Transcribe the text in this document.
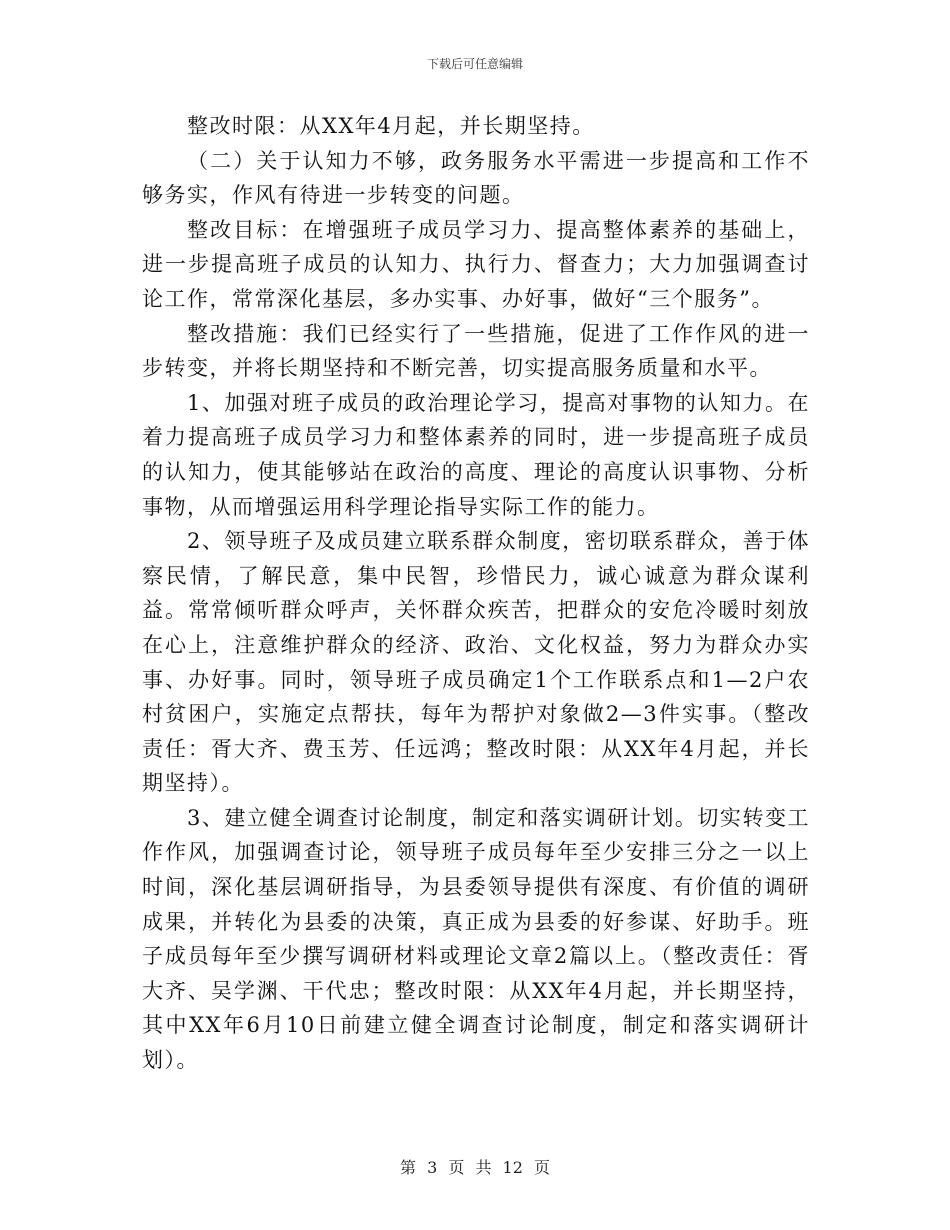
下载后可任意编辑

整改时限：从XX年4月起，并长期坚持。

（二）关于认知力不够，政务服务水平需进一步提高和工作不够务实，作风有待进一步转变的问题。

整改目标：在增强班子成员学习力、提高整体素养的基础上，进一步提高班子成员的认知力、执行力、督查力；大力加强调查讨论工作，常常深化基层，多办实事、办好事，做好“三个服务”。

整改措施：我们已经实行了一些措施，促进了工作作风的进一步转变，并将长期坚持和不断完善，切实提高服务质量和水平。

1、加强对班子成员的政治理论学习，提高对事物的认知力。在着力提高班子成员学习力和整体素养的同时，进一步提高班子成员的认知力，使其能够站在政治的高度、理论的高度认识事物、分析事物，从而增强运用科学理论指导实际工作的能力。

2、领导班子及成员建立联系群众制度，密切联系群众，善于体察民情，了解民意，集中民智，珍惜民力，诚心诚意为群众谋利益。常常倾听群众呼声，关怀群众疾苦，把群众的安危冷暖时刻放在心上，注意维护群众的经济、政治、文化权益，努力为群众办实事、办好事。同时，领导班子成员确定1个工作联系点和1—2户农村贫困户，实施定点帮扶，每年为帮护对象做2—3件实事。（整改责任：胥大齐、费玉芳、任远鸿；整改时限：从XX年4月起，并长期坚持）。

3、建立健全调查讨论制度，制定和落实调研计划。切实转变工作作风，加强调查讨论，领导班子成员每年至少安排三分之一以上时间，深化基层调研指导，为县委领导提供有深度、有价值的调研成果，并转化为县委的决策，真正成为县委的好参谋、好助手。班子成员每年至少撰写调研材料或理论文章2篇以上。（整改责任：胥大齐、吴学渊、干代忠；整改时限：从XX年4月起，并长期坚持，其中XX年6月10日前建立健全调查讨论制度，制定和落实调研计划）。

第 3 页 共 12 页
